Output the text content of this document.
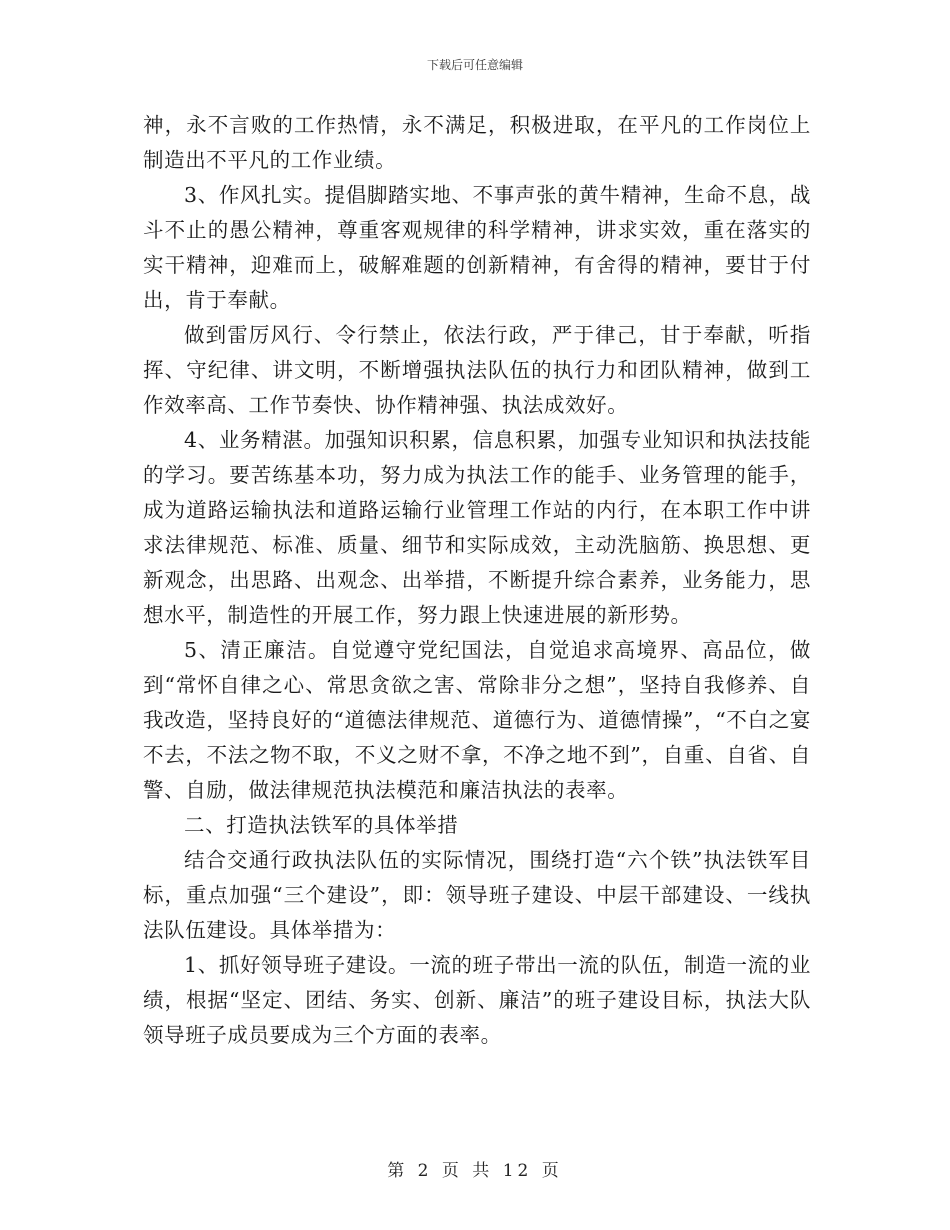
下载后可任意编辑

神，永不言败的工作热情，永不满足，积极进取，在平凡的工作岗位上制造出不平凡的工作业绩。

3、作风扎实。提倡脚踏实地、不事声张的黄牛精神，生命不息，战斗不止的愚公精神，尊重客观规律的科学精神，讲求实效，重在落实的实干精神，迎难而上，破解难题的创新精神，有舍得的精神，要甘于付出，肯于奉献。

做到雷厉风行、令行禁止，依法行政，严于律己，甘于奉献，听指挥、守纪律、讲文明，不断增强执法队伍的执行力和团队精神，做到工作效率高、工作节奏快、协作精神强、执法成效好。

4、业务精湛。加强知识积累，信息积累，加强专业知识和执法技能的学习。要苦练基本功，努力成为执法工作的能手、业务管理的能手，成为道路运输执法和道路运输行业管理工作站的内行，在本职工作中讲求法律规范、标准、质量、细节和实际成效，主动洗脑筋、换思想、更新观念，出思路、出观念、出举措，不断提升综合素养，业务能力，思想水平，制造性的开展工作，努力跟上快速进展的新形势。

5、清正廉洁。自觉遵守党纪国法，自觉追求高境界、高品位，做到“常怀自律之心、常思贪欲之害、常除非分之想”，坚持自我修养、自我改造，坚持良好的“道德法律规范、道德行为、道德情操”，“不白之宴不去，不法之物不取，不义之财不拿，不净之地不到”，自重、自省、自警、自励，做法律规范执法模范和廉洁执法的表率。

二、打造执法铁军的具体举措

结合交通行政执法队伍的实际情况，围绕打造“六个铁”执法铁军目标，重点加强“三个建设”，即：领导班子建设、中层干部建设、一线执法队伍建设。具体举措为：

1、抓好领导班子建设。一流的班子带出一流的队伍，制造一流的业绩，根据“坚定、团结、务实、创新、廉洁”的班子建设目标，执法大队领导班子成员要成为三个方面的表率。

第 2 页 共 12 页
